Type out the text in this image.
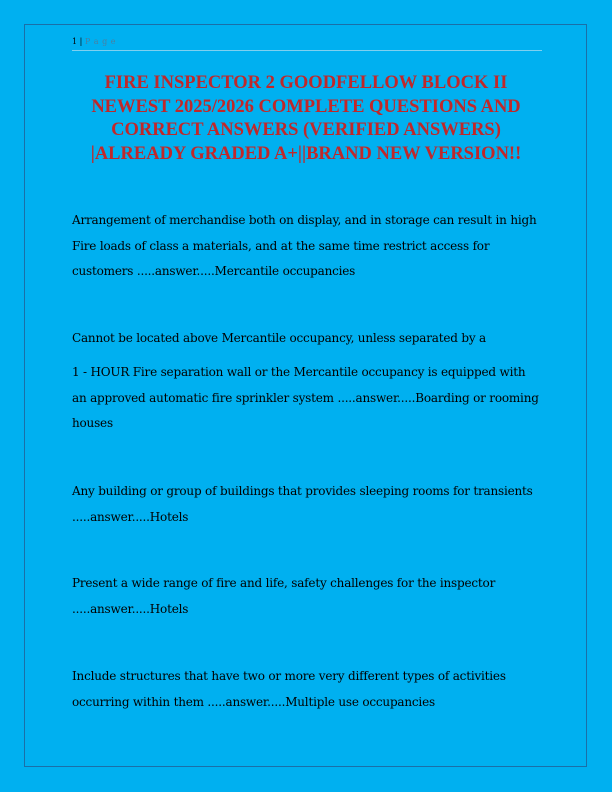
1 | P a g e
FIRE INSPECTOR 2 GOODFELLOW BLOCK II NEWEST 2025/2026 COMPLETE QUESTIONS AND CORRECT ANSWERS (VERIFIED ANSWERS) |ALREADY GRADED A+||BRAND NEW VERSION!!

Arrangement of merchandise both on display, and in storage can result in high Fire loads of class a materials, and at the same time restrict access for customers .....answer.....Mercantile occupancies

Cannot be located above Mercantile occupancy, unless separated by a

1 - HOUR Fire separation wall or the Mercantile occupancy is equipped with an approved automatic fire sprinkler system .....answer.....Boarding or rooming houses

Any building or group of buildings that provides sleeping rooms for transients .....answer.....Hotels

Present a wide range of fire and life, safety challenges for the inspector .....answer.....Hotels

Include structures that have two or more very different types of activities occurring within them .....answer.....Multiple use occupancies
